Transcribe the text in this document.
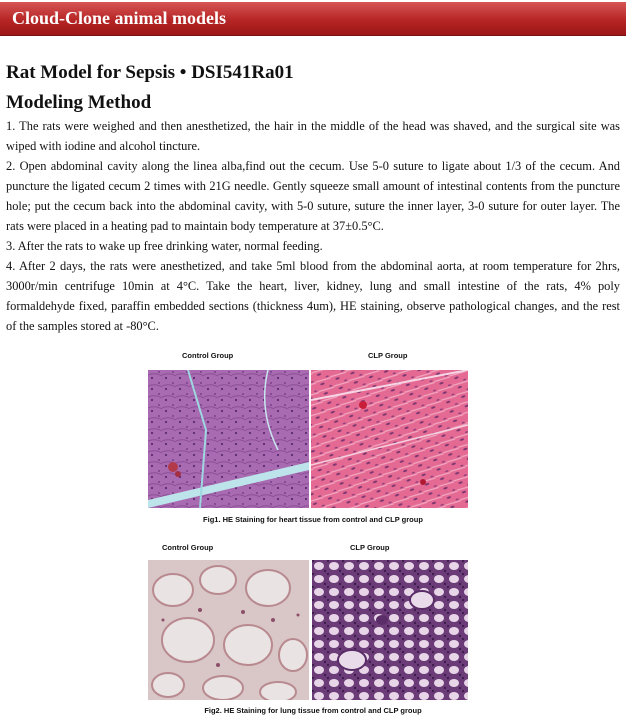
Cloud-Clone animal models
Rat Model for Sepsis • DSI541Ra01
Modeling Method

1. The rats were weighed and then anesthetized, the hair in the middle of the head was shaved, and the surgical site was wiped with iodine and alcohol tincture.

2. Open abdominal cavity along the linea alba,find out the cecum. Use 5-0 suture to ligate about 1/3 of the cecum. And puncture the ligated cecum 2 times with 21G needle. Gently squeeze small amount of intestinal contents from the puncture hole; put the cecum back into the abdominal cavity, with 5-0 suture, suture the inner layer, 3-0 suture for outer layer. The rats were placed in a heating pad to maintain body temperature at 37±0.5°C.

3. After the rats to wake up free drinking water, normal feeding.

4. After 2 days, the rats were anesthetized, and take 5ml blood from the abdominal aorta, at room temperature for 2hrs, 3000r/min centrifuge 10min at 4°C. Take the heart, liver, kidney, lung and small intestine of the rats, 4% poly formaldehyde fixed, paraffin embedded sections (thickness 4um), HE staining, observe pathological changes, and the rest of the samples stored at -80°C.

Control Group	CLP Group
Fig1. HE Staining for heart tissue from control and CLP group
Control Group	CLP Group
Fig2. HE Staining for lung tissue from control and CLP group
